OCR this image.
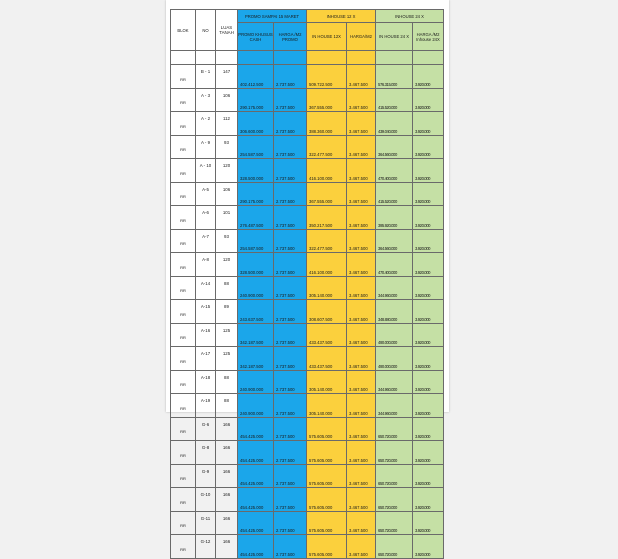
BLOK	NO	LUAS TANAH	PROMO SAMPAI 15 MARET		INHOUSE 12 X		INHOUSE 24 X	
			PROMO KHUSUS CASH	HARGA /M2 PROMO	IN HOUSE 12X	HARGA/M2	IN HOUSE 24 X	HARGA /M2 Inhouse 24X

RR	B - 1	147	402.412.500	2.737.500	509.722.500	3.467.500	576.315.000	3.920.000
RR	A - 3	106	290.175.000	2.737.500	367.555.000	3.467.500	415.520.000	3.920.000
RR	A - 2	112	306.600.000	2.737.500	388.360.000	3.467.500	439.040.000	3.920.000
RR	A - 9	93	254.587.500	2.737.500	322.477.500	3.467.500	364.560.000	3.920.000
RR	A - 10	120	328.500.000	2.737.500	416.100.000	3.467.500	470.400.000	3.920.000
RR	A-5	106	290.175.000	2.737.500	367.555.000	3.467.500	415.520.000	3.920.000
RR	A-6	101	276.487.500	2.737.500	350.217.500	3.467.500	395.920.000	3.920.000
RR	A-7	93	254.587.500	2.737.500	322.477.500	3.467.500	364.560.000	3.920.000
RR	A-8	120	328.500.000	2.737.500	416.100.000	3.467.500	470.400.000	3.920.000
RR	A-14	88	240.900.000	2.737.500	305.140.000	3.467.500	344.960.000	3.920.000
RR	A-15	89	243.637.500	2.737.500	308.607.500	3.467.500	348.880.000	3.920.000
RR	A-16	125	342.187.500	2.737.500	433.437.500	3.467.500	490.000.000	3.920.000
RR	A-17	125	342.187.500	2.737.500	433.437.500	3.467.500	490.000.000	3.920.000
RR	A-18	88	240.900.000	2.737.500	305.140.000	3.467.500	344.960.000	3.920.000
RR	A-19	88	240.900.000	2.737.500	305.140.000	3.467.500	344.960.000	3.920.000
RR	G-6	166	454.425.000	2.737.500	575.605.000	3.467.500	650.720.000	3.920.000
RR	G-8	166	454.425.000	2.737.500	575.605.000	3.467.500	650.720.000	3.920.000
RR	G-9	166	454.425.000	2.737.500	575.605.000	3.467.500	650.720.000	3.920.000
RR	G-10	166	454.425.000	2.737.500	575.605.000	3.467.500	650.720.000	3.920.000
RR	G-11	166	454.425.000	2.737.500	575.605.000	3.467.500	650.720.000	3.920.000
RR	G-12	166	454.425.000	2.737.500	575.605.000	3.467.500	650.720.000	3.920.000
